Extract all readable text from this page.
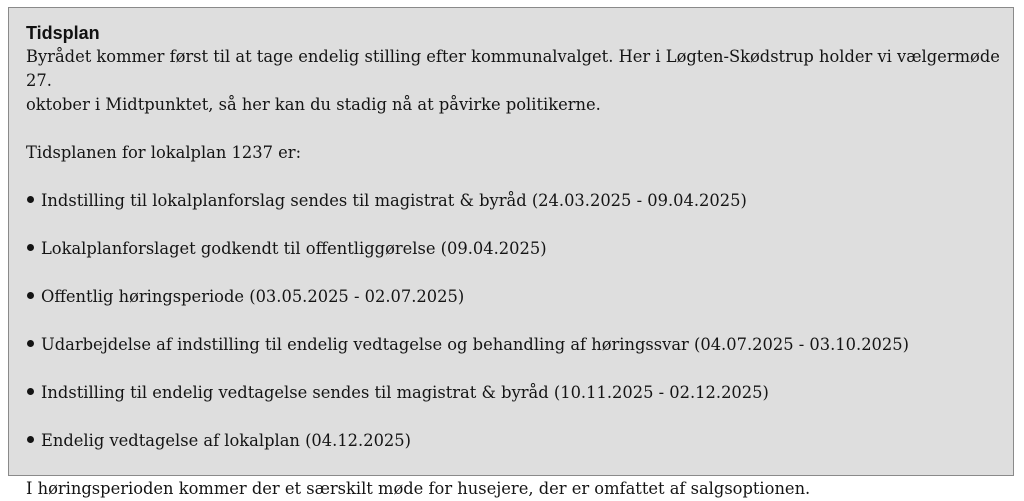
Tidsplan

Byrådet kommer først til at tage endelig stilling efter kommunalvalget. Her i Løgten-Skødstrup holder vi vælgermøde 27.
oktober i Midtpunktet, så her kan du stadig nå at påvirke politikerne.

Tidsplanen for lokalplan 1237 er:

Indstilling til lokalplanforslag sendes til magistrat & byråd (24.03.2025 - 09.04.2025)
Lokalplanforslaget godkendt til offentliggørelse (09.04.2025)
Offentlig høringsperiode (03.05.2025 - 02.07.2025)
Udarbejdelse af indstilling til endelig vedtagelse og behandling af høringssvar (04.07.2025 - 03.10.2025)
Indstilling til endelig vedtagelse sendes til magistrat & byråd (10.11.2025 - 02.12.2025)
Endelig vedtagelse af lokalplan (04.12.2025)

I høringsperioden kommer der et særskilt møde for husejere, der er omfattet af salgsoptionen.
